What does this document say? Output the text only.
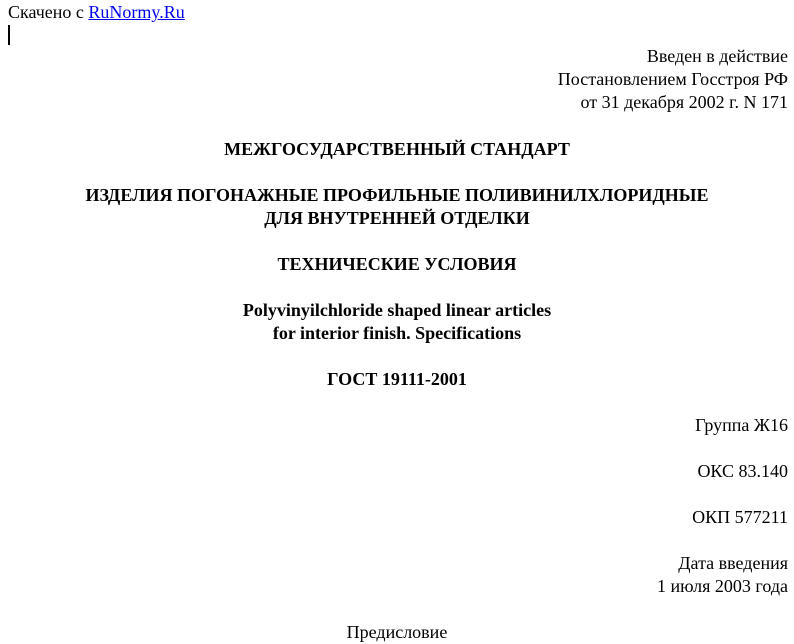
Скачено с RuNormy.Ru
Введен в действие
Постановлением Госстроя РФ
от 31 декабря 2002 г. N 171
МЕЖГОСУДАРСТВЕННЫЙ СТАНДАРТ
ИЗДЕЛИЯ ПОГОНАЖНЫЕ ПРОФИЛЬНЫЕ ПОЛИВИНИЛХЛОРИДНЫЕ
ДЛЯ ВНУТРЕННЕЙ ОТДЕЛКИ
ТЕХНИЧЕСКИЕ УСЛОВИЯ
Polyvinyilchloride shaped linear articles
for interior finish. Specifications
ГОСТ 19111-2001
Группа Ж16
ОКС 83.140
ОКП 577211
Дата введения
1 июля 2003 года
Предисловие
